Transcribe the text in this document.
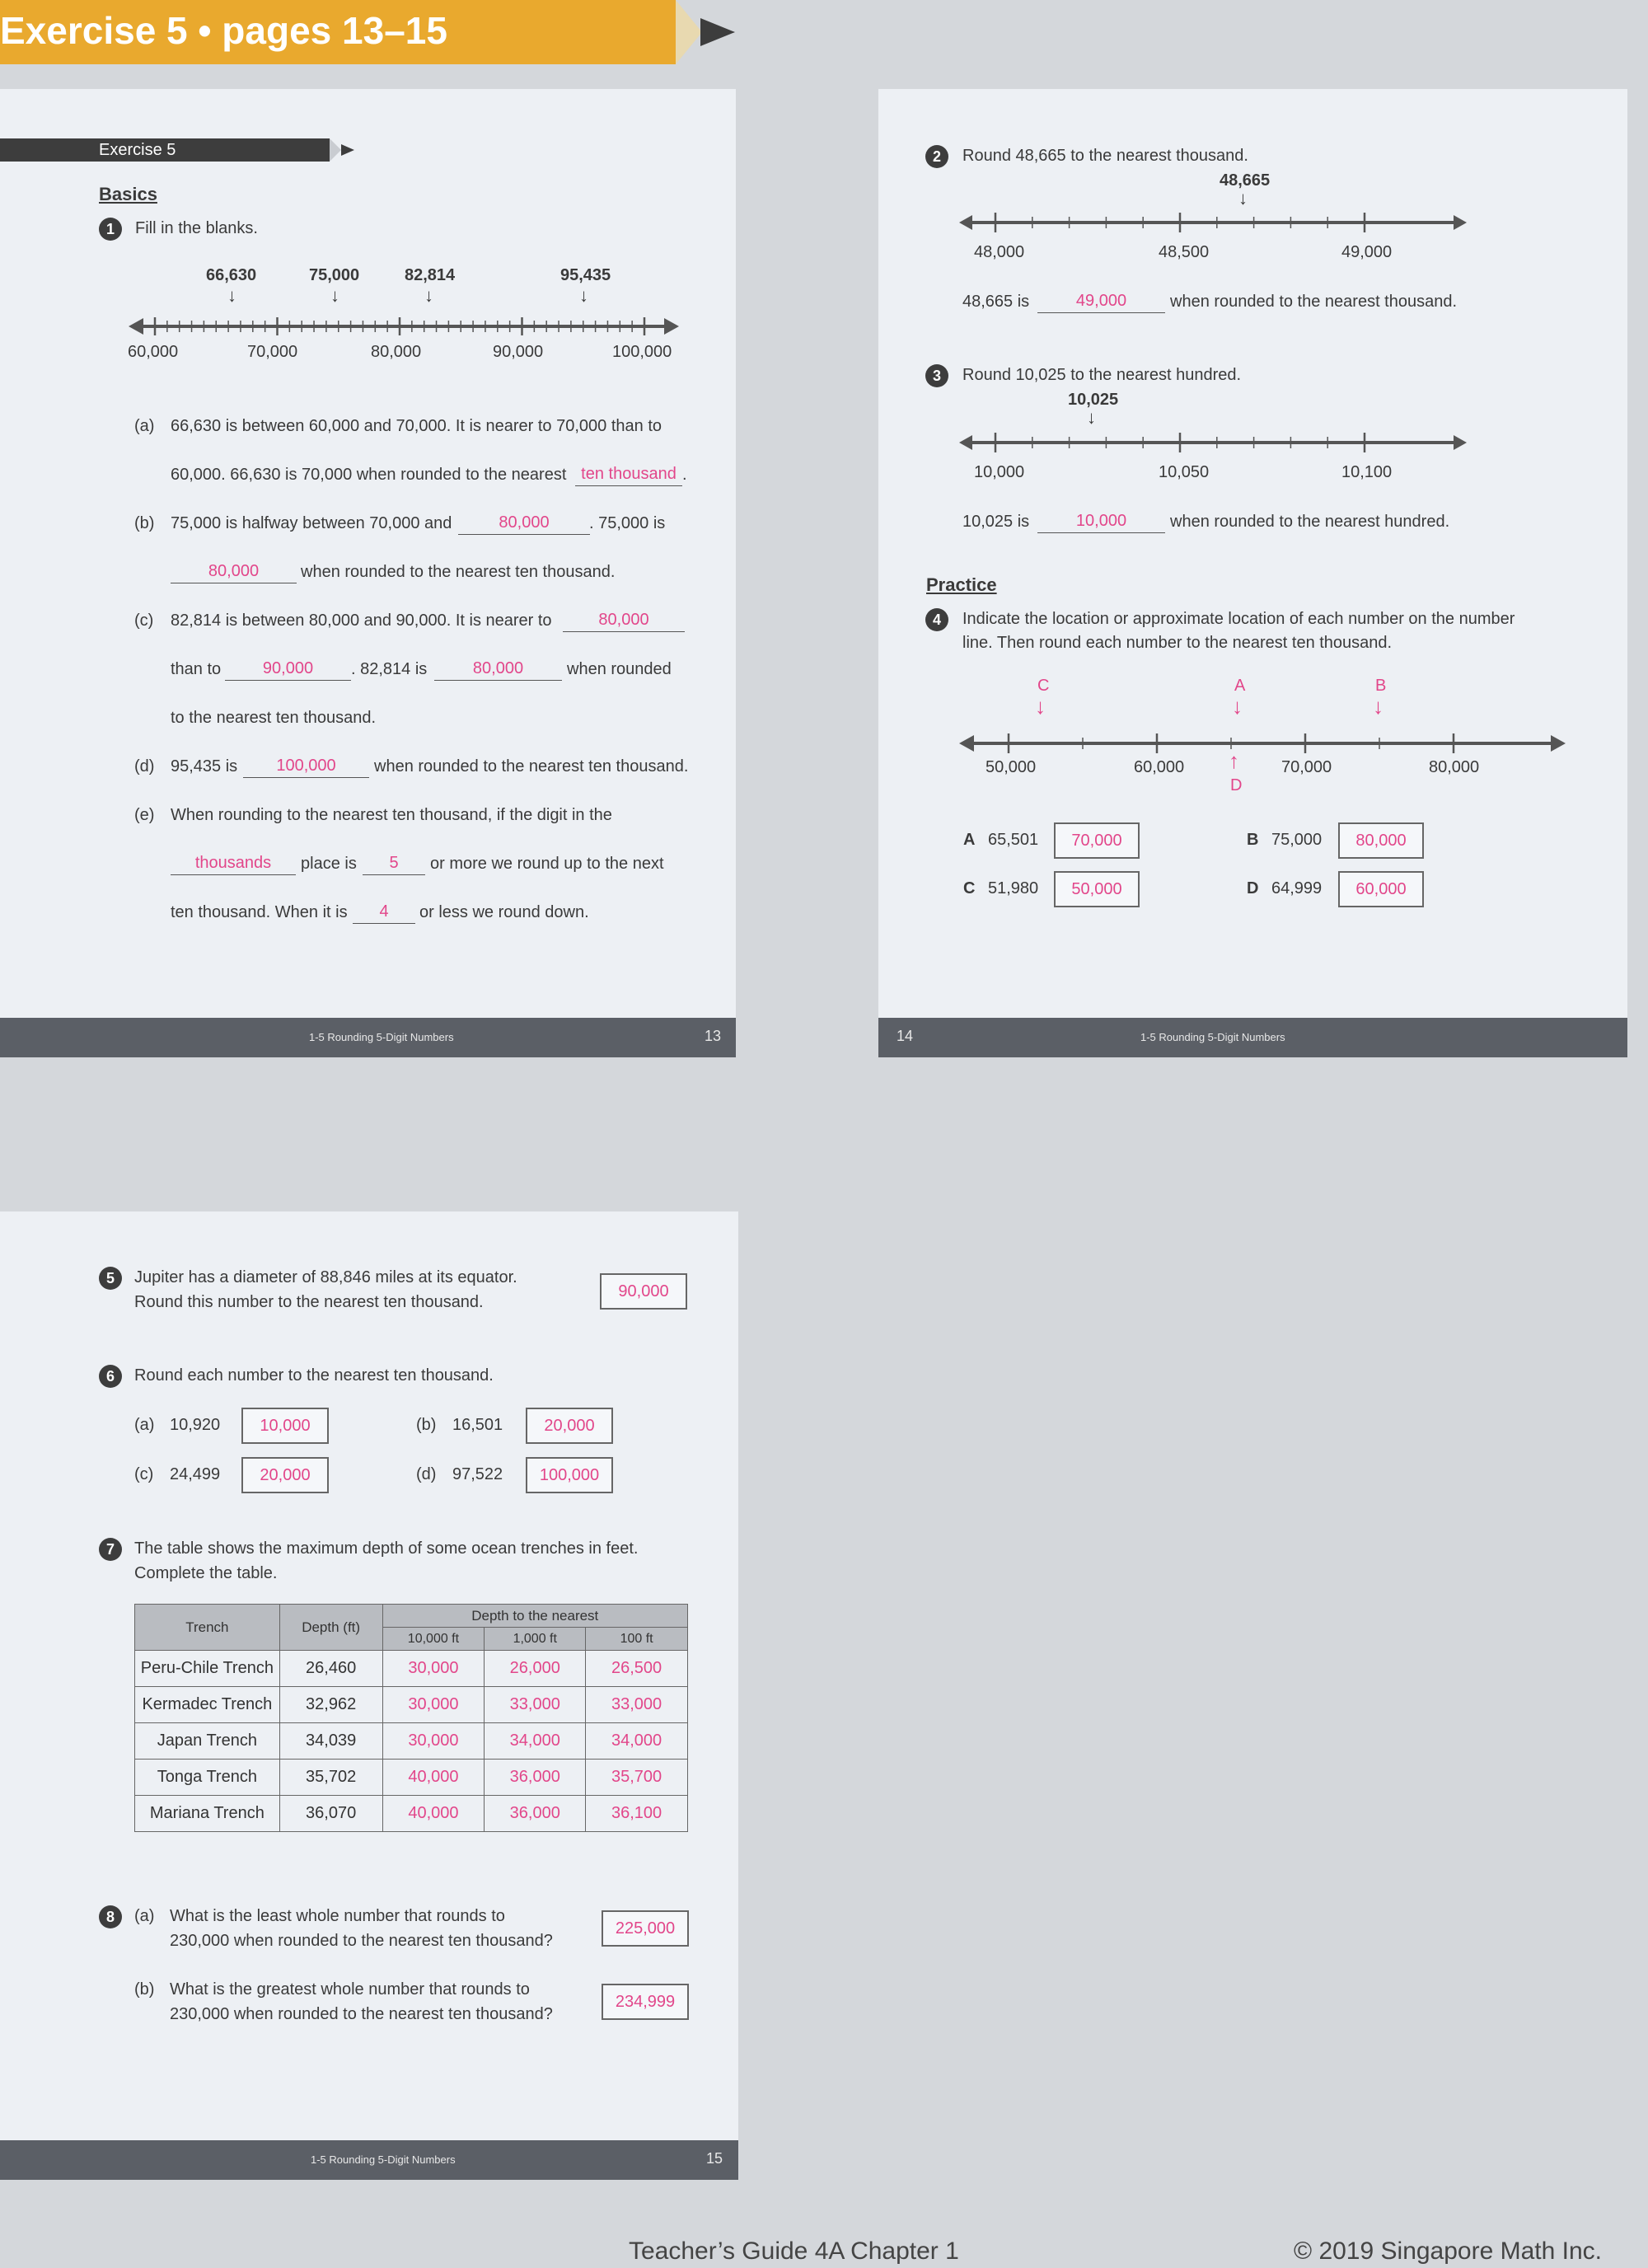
Exercise 5 • pages 13–15
Exercise 5
Basics
1	Fill in the blanks.
66,630
↓
75,000
↓
82,814
↓
95,435
↓
60,000	70,000	80,000	90,000	100,000
(a) 66,630 is between 60,000 and 70,000. It is nearer to 70,000 than to
60,000. 66,630 is 70,000 when rounded to the nearest ten thousand .
(b) 75,000 is halfway between 70,000 and	80,000	. 75,000 is
80,000	when rounded to the nearest ten thousand.
(c) 82,814 is between 80,000 and 90,000. It is nearer to	80,000
than to	90,000	. 82,814 is	80,000	when rounded
to the nearest ten thousand.
(d) 95,435 is	100,000	when rounded to the nearest ten thousand.
(e) When rounding to the nearest ten thousand, if the digit in the
thousands	place is	5	or more we round up to the next
ten thousand. When it is	4	or less we round down.
1-5 Rounding 5-Digit Numbers	13
2	Round 48,665 to the nearest thousand.
48,665
↓
48,000	48,500	49,000
48,665 is	49,000	when rounded to the nearest thousand.
3	Round 10,025 to the nearest hundred.
10,025
↓
10,000	10,050	10,100
10,025 is	10,000	when rounded to the nearest hundred.
Practice
4	Indicate the location or approximate location of each number on the number
line. Then round each number to the nearest ten thousand.
C
↓
A
↓
B
↓
↑
D
50,000	60,000	70,000	80,000
A 65,501	70,000	B 75,000	80,000
C 51,980	50,000	D 64,999	60,000
14	1-5 Rounding 5-Digit Numbers
5	Jupiter has a diameter of 88,846 miles at its equator.
Round this number to the nearest ten thousand.
90,000
6	Round each number to the nearest ten thousand.
(a) 10,920	10,000	(b) 16,501	20,000
(c) 24,499	20,000	(d) 97,522	100,000
7	The table shows the maximum depth of some ocean trenches in feet.
Complete the table.
Trench	Depth (ft)	Depth to the nearest		
		10,000 ft	1,000 ft	100 ft
Peru-Chile Trench	26,460	30,000	26,000	26,500
Kermadec Trench	32,962	30,000	33,000	33,000
Japan Trench	34,039	30,000	34,000	34,000
Tonga Trench	35,702	40,000	36,000	35,700
Mariana Trench	36,070	40,000	36,000	36,100
8	(a) What is the least whole number that rounds to
230,000 when rounded to the nearest ten thousand?
225,000
(b) What is the greatest whole number that rounds to
230,000 when rounded to the nearest ten thousand?
234,999
1-5 Rounding 5-Digit Numbers	15
Teacher’s Guide 4A Chapter 1	© 2019 Singapore Math Inc.
